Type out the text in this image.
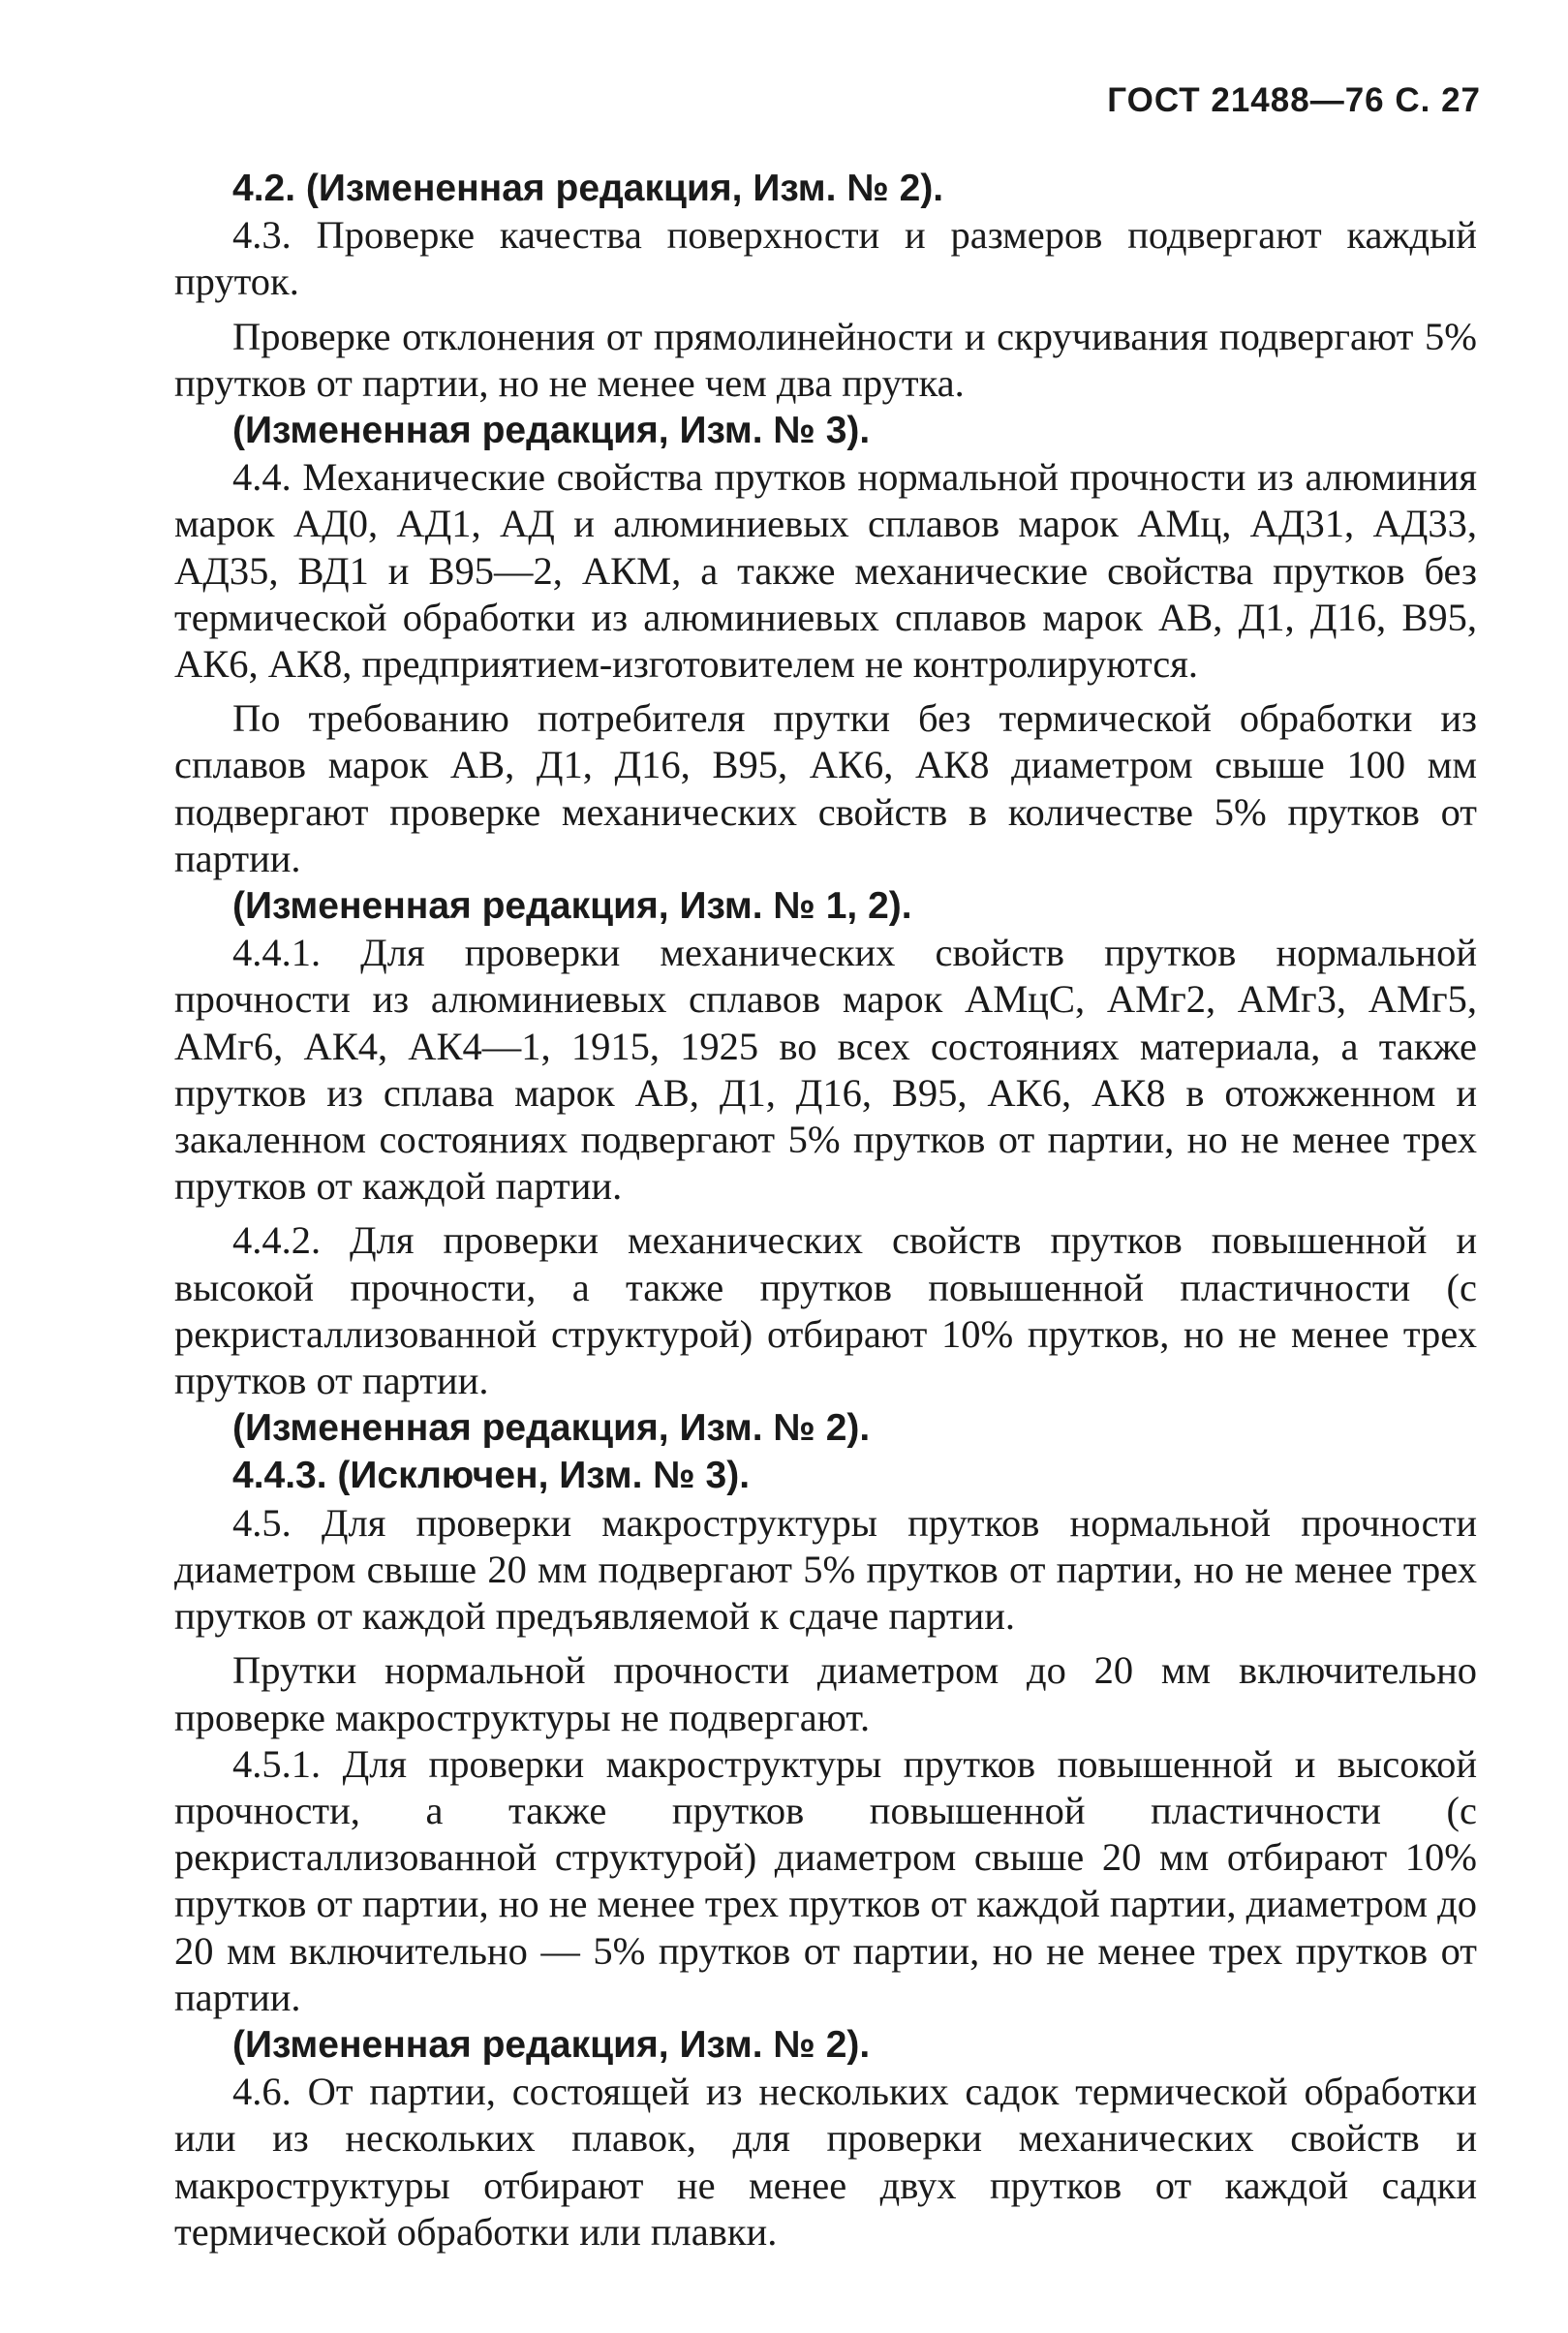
ГОСТ 21488—76 С. 27

4.2. (Измененная редакция, Изм. № 2).

4.3. Проверке качества поверхности и размеров подвергают каждый пруток.

Проверке отклонения от прямолинейности и скручивания подвергают 5% прутков от партии, но не менее чем два прутка.

(Измененная редакция, Изм. № 3).

4.4. Механические свойства прутков нормальной прочности из алюминия марок АД0, АД1, АД и алюминиевых сплавов марок АМц, АД31, АД33, АД35, ВД1 и В95—2, АКМ, а также механические свойства прутков без термической обработки из алюминиевых сплавов марок АВ, Д1, Д16, В95, АК6, АК8, предприятием-изготовителем не контролируются.

По требованию потребителя прутки без термической обработки из сплавов марок АВ, Д1, Д16, В95, АК6, АК8 диаметром свыше 100 мм подвергают проверке механических свойств в количестве 5% прутков от партии.

(Измененная редакция, Изм. № 1, 2).

4.4.1. Для проверки механических свойств прутков нормальной прочности из алюминиевых сплавов марок АМцС, АМг2, АМг3, АМг5, АМг6, АК4, АК4—1, 1915, 1925 во всех состояниях материала, а также прутков из сплава марок АВ, Д1, Д16, В95, АК6, АК8 в отожженном и закаленном состояниях подвергают 5% прутков от партии, но не менее трех прутков от каждой партии.

4.4.2. Для проверки механических свойств прутков повышенной и высокой прочности, а также прутков повышенной пластичности (с рекристаллизованной структурой) отбирают 10% прутков, но не менее трех прутков от партии.

(Измененная редакция, Изм. № 2).

4.4.3. (Исключен, Изм. № 3).

4.5. Для проверки макроструктуры прутков нормальной прочности диаметром свыше 20 мм подвергают 5% прутков от партии, но не менее трех прутков от каждой предъявляемой к сдаче партии.

Прутки нормальной прочности диаметром до 20 мм включительно проверке макроструктуры не подвергают.

4.5.1. Для проверки макроструктуры прутков повышенной и высокой прочности, а также прутков повышенной пластичности (с рекристаллизованной структурой) диаметром свыше 20 мм отбирают 10% прутков от партии, но не менее трех прутков от каждой партии, диаметром до 20 мм включительно — 5% прутков от партии, но не менее трех прутков от партии.

(Измененная редакция, Изм. № 2).

4.6. От партии, состоящей из нескольких садок термической обработки или из нескольких плавок, для проверки механических свойств и макроструктуры отбирают не менее двух прутков от каждой садки термической обработки или плавки.
